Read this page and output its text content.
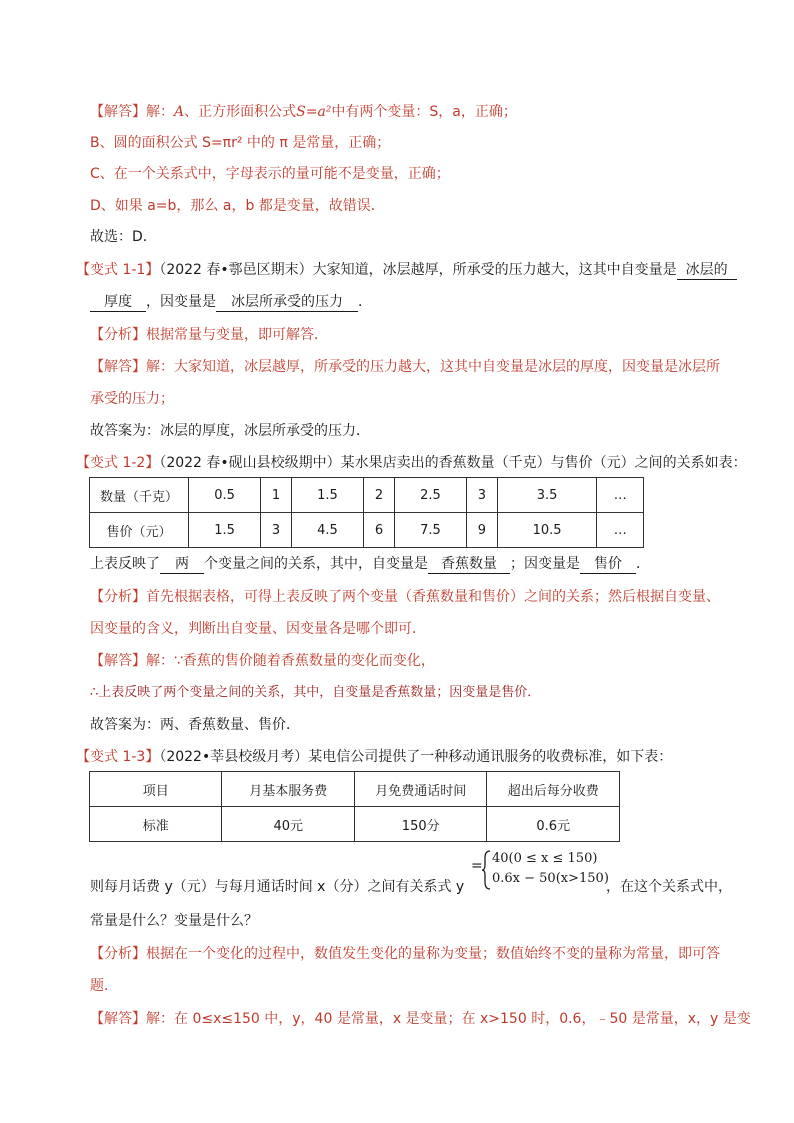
【解答】解：A、正方形面积公式S=a²中有两个变量：S，a，正确；
B、圆的面积公式 S=πr² 中的 π 是常量，正确；
C、在一个关系式中，字母表示的量可能不是变量，正确；
D、如果 a=b，那么 a，b 都是变量，故错误．
故选：D．
【变式 1-1】（2022 春•鄠邑区期末）大家知道，冰层越厚，所承受的压力越大，这其中自变量是 冰层的
厚度 ，因变量是 冰层所承受的压力 ．
【分析】根据常量与变量，即可解答．
【解答】解：大家知道，冰层越厚，所承受的压力越大，这其中自变量是冰层的厚度，因变量是冰层所
承受的压力；
故答案为：冰层的厚度，冰层所承受的压力．
【变式 1-2】（2022 春•砚山县校级期中）某水果店卖出的香蕉数量（千克）与售价（元）之间的关系如表：
数量（千克）	0.5	1	1.5	2	2.5	3	3.5	…
售价（元）	1.5	3	4.5	6	7.5	9	10.5	…
上表反映了 两 个变量之间的关系，其中，自变量是 香蕉数量 ；因变量是 售价 ．
【分析】首先根据表格，可得上表反映了两个变量（香蕉数量和售价）之间的关系；然后根据自变量、
因变量的含义，判断出自变量、因变量各是哪个即可．
【解答】解：∵香蕉的售价随着香蕉数量的变化而变化，
∴上表反映了两个变量之间的关系，其中，自变量是香蕉数量；因变量是售价．
故答案为：两、香蕉数量、售价．
【变式 1-3】（2022•莘县校级月考）某电信公司提供了一种移动通讯服务的收费标准，如下表：
项目	月基本服务费	月免费通话时间	超出后每分收费
标准	40元	150分	0.6元
则每月话费 y（元）与每月通话时间 x（分）之间有关系式 y
= 40(0 ≤ x ≤ 150)
0.6x − 50(x>150)
，在这个关系式中，
常量是什么？变量是什么？
【分析】根据在一个变化的过程中，数值发生变化的量称为变量；数值始终不变的量称为常量，即可答
题．
【解答】解：在 0≤x≤150 中，y，40 是常量，x 是变量；在 x>150 时，0.6，﹣50 是常量，x，y 是变
